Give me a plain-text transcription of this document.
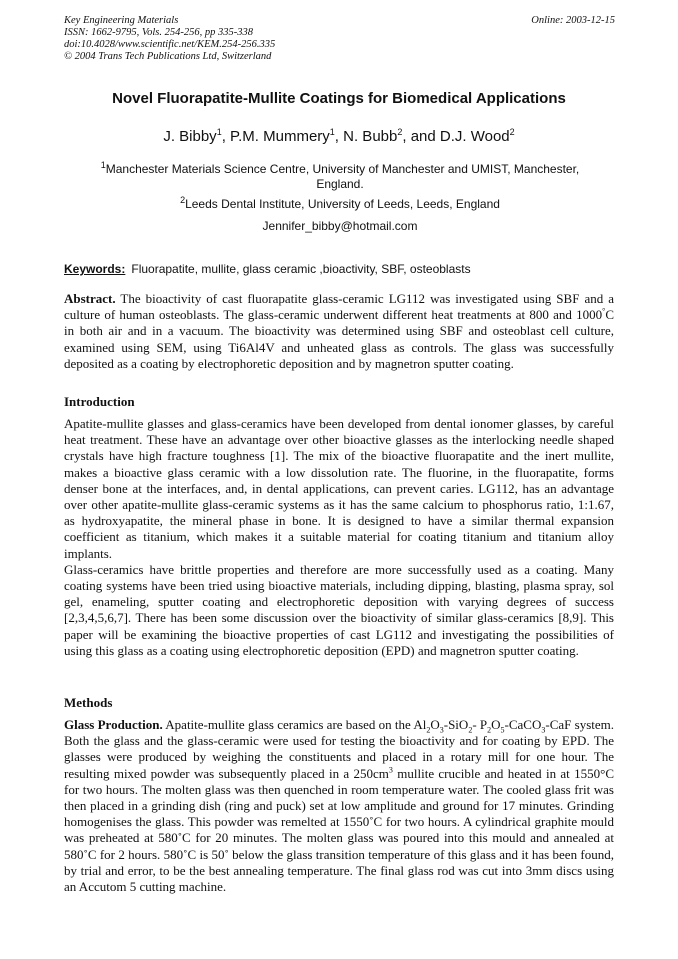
Key Engineering Materials
ISSN: 1662-9795, Vols. 254-256, pp 335-338
doi:10.4028/www.scientific.net/KEM.254-256.335
© 2004 Trans Tech Publications Ltd, Switzerland
Online: 2003-12-15
Novel Fluorapatite-Mullite Coatings for Biomedical Applications
J. Bibby$^1$, P.M. Mummery$^1$, N. Bubb$^2$, and D.J. Wood$^2$
$^1$Manchester Materials Science Centre, University of Manchester and UMIST, Manchester, England.
$^2$Leeds Dental Institute, University of Leeds, Leeds, England
Jennifer_bibby@hotmail.com
Keywords: Fluorapatite, mullite, glass ceramic ,bioactivity, SBF, osteoblasts
Abstract. The bioactivity of cast fluorapatite glass-ceramic LG112 was investigated using SBF and a culture of human osteoblasts. The glass-ceramic underwent different heat treatments at 800 and 1000°C in both air and in a vacuum. The bioactivity was determined using SBF and osteoblast cell culture, examined using SEM, using Ti6Al4V and unheated glass as controls. The glass was successfully deposited as a coating by electrophoretic deposition and by magnetron sputter coating.
Introduction
Apatite-mullite glasses and glass-ceramics have been developed from dental ionomer glasses, by careful heat treatment. These have an advantage over other bioactive glasses as the interlocking needle shaped crystals have high fracture toughness [1]. The mix of the bioactive fluorapatite and the inert mullite, makes a bioactive glass ceramic with a low dissolution rate. The fluorine, in the fluorapatite, forms denser bone at the interfaces, and, in dental applications, can prevent caries. LG112, has an advantage over other apatite-mullite glass-ceramic systems as it has the same calcium to phosphorus ratio, 1:1.67, as hydroxyapatite, the mineral phase in bone. It is designed to have a similar thermal expansion coefficient as titanium, which makes it a suitable material for coating titanium and titanium alloy implants.
Glass-ceramics have brittle properties and therefore are more successfully used as a coating. Many coating systems have been tried using bioactive materials, including dipping, blasting, plasma spray, sol gel, enameling, sputter coating and electrophoretic deposition with varying degrees of success [2,3,4,5,6,7]. There has been some discussion over the bioactivity of similar glass-ceramics [8,9]. This paper will be examining the bioactive properties of cast LG112 and investigating the possibilities of using this glass as a coating using electrophoretic deposition (EPD) and magnetron sputter coating.
Methods
Glass Production. Apatite-mullite glass ceramics are based on the $Al_2O_3-SiO_2-$ $P_2O_5-CaCO_3$-CaF system. Both the glass and the glass-ceramic were used for testing the bioactivity and for coating by EPD. The glasses were produced by weighing the constituents and placed in a rotary mill for one hour. The resulting mixed powder was subsequently placed in a $250cm^3$ mullite crucible and heated in at 1550°C for two hours. The molten glass was then quenched in room temperature water. The cooled glass frit was then placed in a grinding dish (ring and puck) set at low amplitude and ground for 17 minutes. Grinding homogenises the glass. This powder was remelted at 1550˚C for two hours. A cylindrical graphite mould was preheated at 580˚C for 20 minutes. The molten glass was poured into this mould and annealed at 580˚C for 2 hours. 580˚C is 50˚ below the glass transition temperature of this glass and it has been found, by trial and error, to be the best annealing temperature. The final glass rod was cut into 3mm discs using an Accutom 5 cutting machine.
